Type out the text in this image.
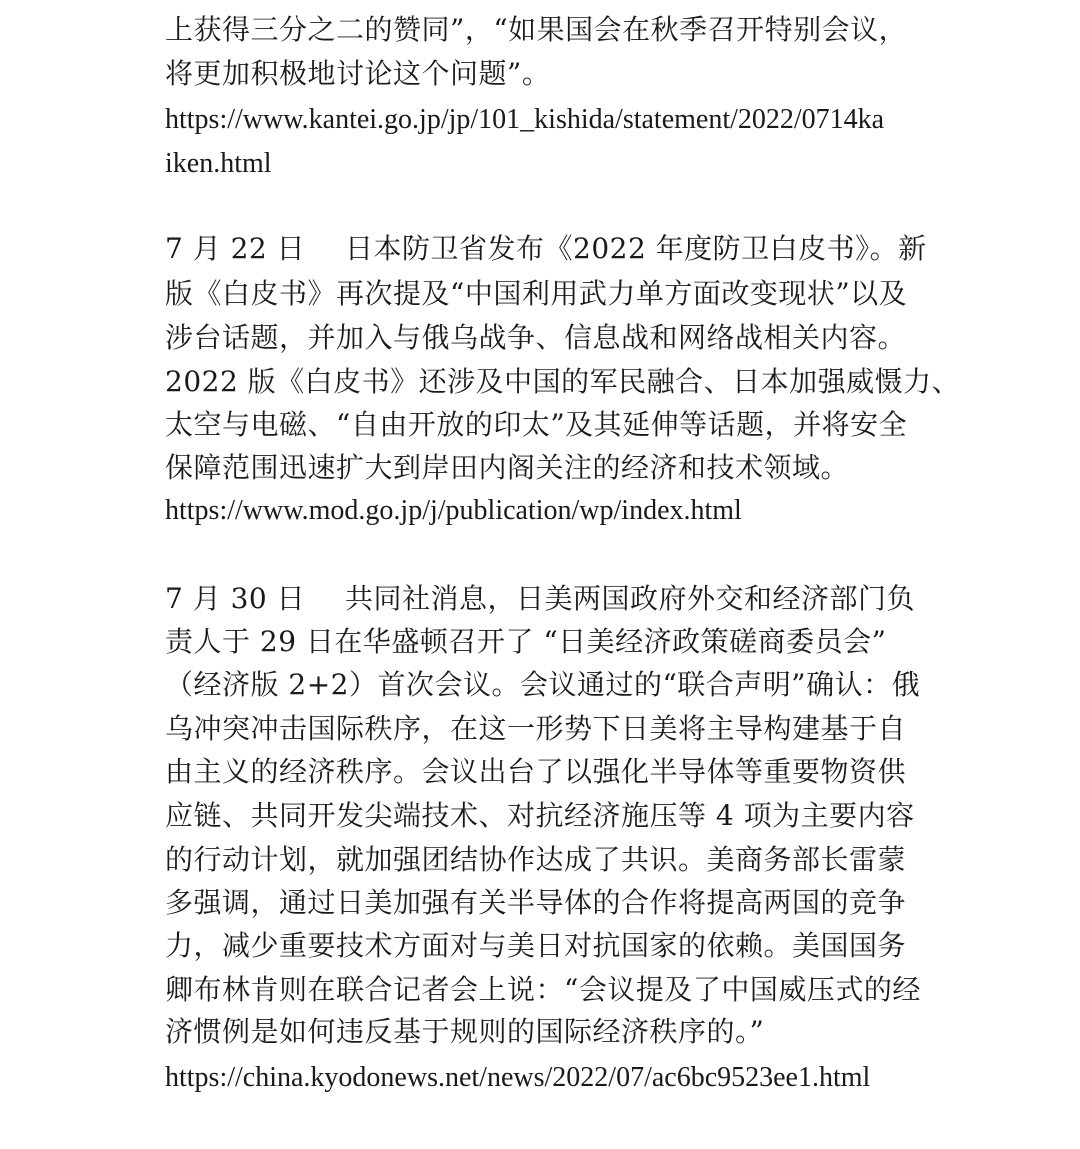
上获得三分之二的赞同”，“如果国会在秋季召开特别会议，

将更加积极地讨论这个问题”。

https://www.kantei.go.jp/jp/101_kishida/statement/2022/0714ka

iken.html

7 月 22 日 日本防卫省发布《2022 年度防卫白皮书》。新

版《白皮书》再次提及“中国利用武力单方面改变现状”以及

涉台话题，并加入与俄乌战争、信息战和网络战相关内容。

2022 版《白皮书》还涉及中国的军民融合、日本加强威慑力、

太空与电磁、“自由开放的印太”及其延伸等话题，并将安全

保障范围迅速扩大到岸田内阁关注的经济和技术领域。

https://www.mod.go.jp/j/publication/wp/index.html

7 月 30 日 共同社消息，日美两国政府外交和经济部门负

责人于 29 日在华盛顿召开了 “日美经济政策磋商委员会”

（经济版 2+2）首次会议。会议通过的“联合声明”确认：俄

乌冲突冲击国际秩序，在这一形势下日美将主导构建基于自

由主义的经济秩序。会议出台了以强化半导体等重要物资供

应链、共同开发尖端技术、对抗经济施压等 4 项为主要内容

的行动计划，就加强团结协作达成了共识。美商务部长雷蒙

多强调，通过日美加强有关半导体的合作将提高两国的竞争

力，减少重要技术方面对与美日对抗国家的依赖。美国国务

卿布林肯则在联合记者会上说：“会议提及了中国威压式的经

济惯例是如何违反基于规则的国际经济秩序的。”

https://china.kyodonews.net/news/2022/07/ac6bc9523ee1.html
